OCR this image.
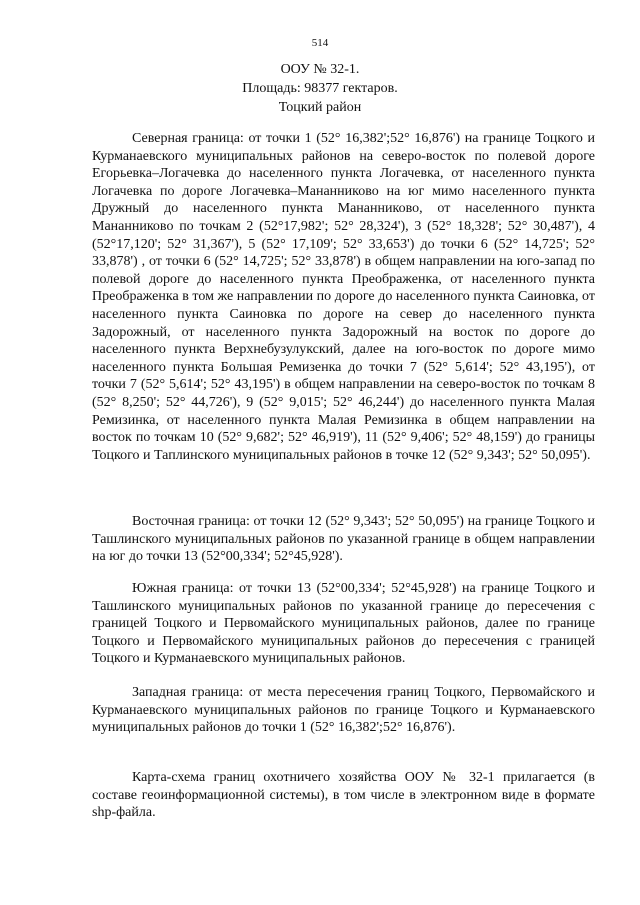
514
ООУ № 32-1.
Площадь: 98377 гектаров.
Тоцкий район

Северная граница: от точки 1 (52° 16,382';52° 16,876') на границе Тоцкого и Курманаевского муниципальных районов на северо-восток по полевой дороге Егорьевка–Логачевка до населенного пункта Логачевка, от населенного пункта Логачевка по дороге Логачевка–Мананниково на юг мимо населенного пункта Дружный до населенного пункта Мананниково, от населенного пункта Мананниково по точкам 2 (52°17,982'; 52° 28,324'), 3 (52° 18,328'; 52° 30,487'), 4 (52°17,120'; 52° 31,367'), 5 (52° 17,109'; 52° 33,653') до точки 6 (52° 14,725'; 52° 33,878') , от точки 6 (52° 14,725'; 52° 33,878') в общем направлении на юго-запад по полевой дороге до населенного пункта Преображенка, от населенного пункта Преображенка в том же направлении по дороге до населенного пункта Саиновка, от населенного пункта Саиновка по дороге на север до населенного пункта Задорожный, от населенного пункта Задорожный на восток по дороге до населенного пункта Верхнебузулукский, далее на юго-восток по дороге мимо населенного пункта Большая Ремизенка до точки 7 (52° 5,614'; 52° 43,195'), от точки 7 (52° 5,614'; 52° 43,195') в общем направлении на северо-восток по точкам 8 (52° 8,250'; 52° 44,726'), 9 (52° 9,015'; 52° 46,244') до населенного пункта Малая Ремизинка, от населенного пункта Малая Ремизинка в общем направлении на восток по точкам 10 (52° 9,682'; 52° 46,919'), 11 (52° 9,406'; 52° 48,159') до границы Тоцкого и Таплинского муниципальных районов в точке 12 (52° 9,343'; 52° 50,095').

Восточная граница: от точки 12 (52° 9,343'; 52° 50,095') на границе Тоцкого и Ташлинского муниципальных районов по указанной границе в общем направлении на юг до точки 13 (52°00,334'; 52°45,928').

Южная граница: от точки 13 (52°00,334'; 52°45,928') на границе Тоцкого и Ташлинского муниципальных районов по указанной границе до пересечения с границей Тоцкого и Первомайского муниципальных районов, далее по границе Тоцкого и Первомайского муниципальных районов до пересечения с границей Тоцкого и Курманаевского муниципальных районов.

Западная граница: от места пересечения границ Тоцкого, Первомайского и Курманаевского муниципальных районов по границе Тоцкого и Курманаевского муниципальных районов до точки 1 (52° 16,382';52° 16,876').

Карта-схема границ охотничего хозяйства ООУ № 32-1 прилагается (в составе геоинформационной системы), в том числе в электронном виде в формате shp-файла.
